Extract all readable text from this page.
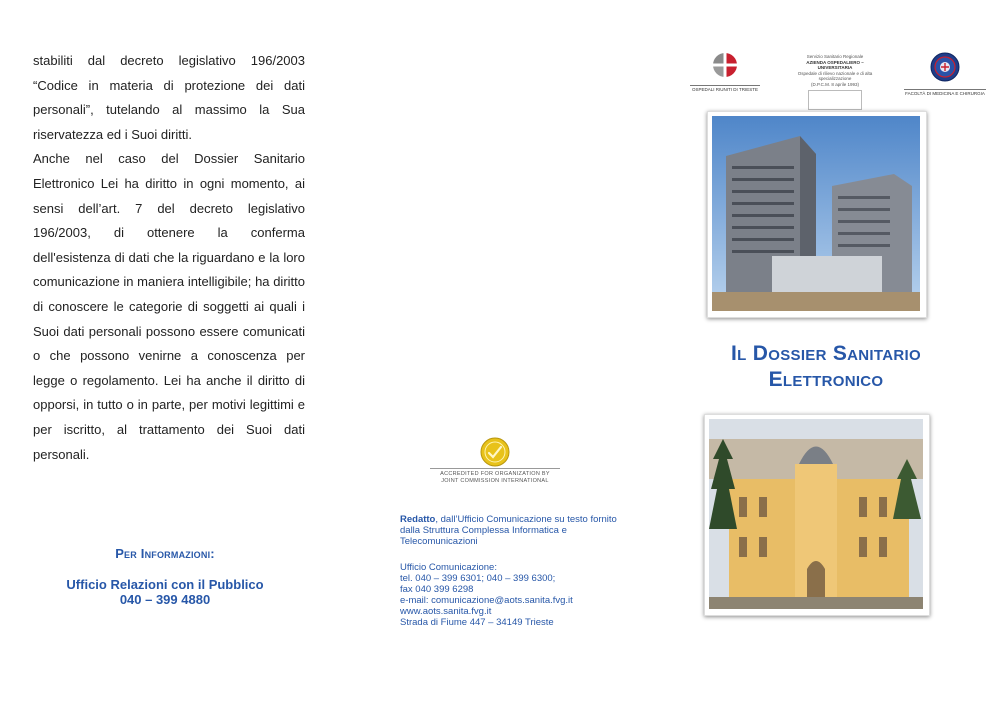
stabiliti dal decreto legislativo 196/2003 “Codice in materia di protezione dei dati personali”, tutelando al massimo la Sua riservatezza ed i Suoi diritti.

Anche nel caso del Dossier Sanitario Elettronico Lei ha diritto in ogni momento, ai sensi dell’art. 7 del decreto legislativo 196/2003, di ottenere la conferma dell'esistenza di dati che la riguardano e la loro comunicazione in maniera intelligibile; ha diritto di conoscere le categorie di soggetti ai quali i Suoi dati personali possono essere comunicati o che possono venirne a conoscenza per legge o regolamento. Lei ha anche il diritto di opporsi, in tutto o in parte, per motivi legittimi e per iscritto, al trattamento dei Suoi dati personali.

Per Informazioni:
Ufficio Relazioni con il Pubblico
040 – 399 4880
ACCREDITED FOR ORGANIZATION BY
JOINT COMMISSION INTERNATIONAL
Redatto, dall’Ufficio Comunicazione su testo fornito dalla Struttura Complessa Informatica e Telecomunicazioni
Ufficio Comunicazione:
tel. 040 – 399 6301; 040 – 399 6300;
fax 040 399 6298
e-mail: comunicazione@aots.sanita.fvg.it
www.aots.sanita.fvg.it
Strada di Fiume 447 – 34149 Trieste
OSPEDALI RIUNITI DI TRIESTE
Servizio Sanitario Regionale
AZIENDA OSPEDALIERO – UNIVERSITARIA
Ospedale di rilievo nazionale e di alta specializzazione
(D.P.C.M. 8 aprile 1993)
FACOLTÀ DI MEDICINA E CHIRURGIA
Il Dossier Sanitario
Elettronico
